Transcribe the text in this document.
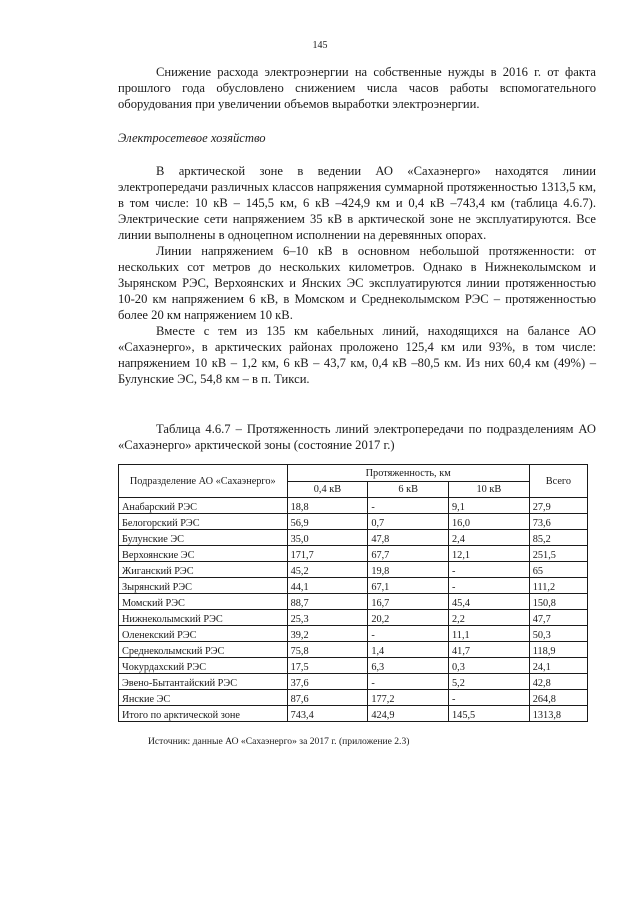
145

Снижение расхода электроэнергии на собственные нужды в 2016 г. от факта прошлого года обусловлено снижением числа часов работы вспомогательного оборудования при увеличении объемов выработки электроэнергии.

Электросетевое хозяйство

В арктической зоне в ведении АО «Сахаэнерго» находятся линии электропередачи различных классов напряжения суммарной протяженностью 1313,5 км, в том числе: 10 кВ – 145,5 км, 6 кВ –424,9 км и 0,4 кВ –743,4 км (таблица 4.6.7). Электрические сети напряжением 35 кВ в арктической зоне не эксплуатируются. Все линии выполнены в одноцепном исполнении на деревянных опорах.

Линии напряжением 6–10 кВ в основном небольшой протяженности: от нескольких сот метров до нескольких километров. Однако в Нижнеколымском и Зырянском РЭС, Верхоянских и Янских ЭС эксплуатируются линии протяженностью 10-20 км напряжением 6 кВ, в Момском и Среднеколымском РЭС – протяженностью более 20 км напряжением 10 кВ.

Вместе с тем из 135 км кабельных линий, находящихся на балансе АО «Сахаэнерго», в арктических районах проложено 125,4 км или 93%, в том числе: напряжением 10 кВ – 1,2 км, 6 кВ – 43,7 км, 0,4 кВ –80,5 км. Из них 60,4 км (49%) – Булунские ЭС, 54,8 км – в п. Тикси.

Таблица 4.6.7 – Протяженность линий электропередачи по подразделениям АО «Сахаэнерго» арктической зоны (состояние 2017 г.)

Подразделение АО «Сахаэнерго»	Протяженность, км			Всего
	0,4 кВ	6 кВ	10 кВ	
Анабарский РЭС	18,8	-	9,1	27,9
Белогорский РЭС	56,9	0,7	16,0	73,6
Булунские ЭС	35,0	47,8	2,4	85,2
Верхоянские ЭС	171,7	67,7	12,1	251,5
Жиганский РЭС	45,2	19,8	-	65
Зырянский РЭС	44,1	67,1	-	111,2
Момский РЭС	88,7	16,7	45,4	150,8
Нижнеколымский РЭС	25,3	20,2	2,2	47,7
Оленекский РЭС	39,2	-	11,1	50,3
Среднеколымский РЭС	75,8	1,4	41,7	118,9
Чокурдахский РЭС	17,5	6,3	0,3	24,1
Эвено-Бытантайский РЭС	37,6	-	5,2	42,8
Янские ЭС	87,6	177,2	-	264,8
Итого по арктической зоне	743,4	424,9	145,5	1313,8
Источник: данные АО «Сахаэнерго» за 2017 г. (приложение 2.3)
